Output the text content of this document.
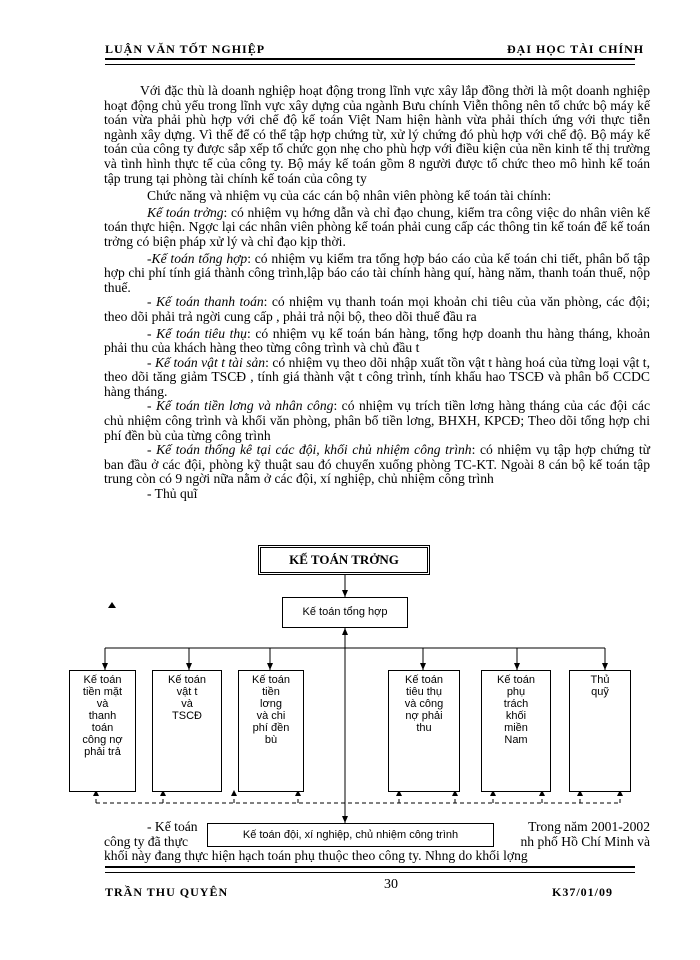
LUẬN VĂN TỐT NGHIỆP	ĐẠI HỌC TÀI CHÍNH

Với đặc thù là doanh nghiệp hoạt động trong lĩnh vực xây lắp đồng thời là một doanh nghiệp hoạt động chủ yếu trong lĩnh vực xây dựng của ngành Bưu chính Viễn thông nên tổ chức bộ máy kế toán vừa phải phù hợp với chế độ kế toán Việt Nam hiện hành vừa phải thích ứng với thực tiễn ngành xây dựng. Vì thế để có thể tập hợp chứng từ, xử lý chứng đó phù hợp với chế độ. Bộ máy kế toán của công ty được sắp xếp tổ chức gọn nhẹ cho phù hợp với điều kiện của nền kinh tế thị trường và tình hình thực tế của công ty. Bộ máy kế toán gồm 8 người được tổ chức theo mô hình kế toán tập trung tại phòng tài chính kế toán của công ty

Chức năng và nhiệm vụ của các cán bộ nhân viên phòng kế toán tài chính:

Kế toán trởng: có nhiệm vụ hớng dẫn và chỉ đạo chung, kiểm tra công việc do nhân viên kế toán thực hiện. Ngợc lại các nhân viên phòng kế toán phải cung cấp các thông tin kế toán để kế toán trởng có biện pháp xử lý và chỉ đạo kịp thời.

-Kế toán tổng hợp: có nhiệm vụ kiểm tra tổng hợp báo cáo của kế toán chi tiết, phân bổ tập hợp chi phí tính giá thành công trình,lập báo cáo tài chính hàng quí, hàng năm, thanh toán thuế, nộp thuế.

- Kế toán thanh toán: có nhiệm vụ thanh toán mọi khoản chi tiêu của văn phòng, các đội; theo dõi phải trả ngời cung cấp , phải trả nội bộ, theo dõi thuế đầu ra

- Kế toán tiêu thụ: có nhiệm vụ kế toán bán hàng, tổng hợp doanh thu hàng tháng, khoản phải thu của khách hàng theo từng công trình và chủ đầu t

- Kế toán vật t tài sản: có nhiệm vụ theo dõi nhập xuất tồn vật t hàng hoá của từng loại vật t, theo dõi tăng giảm TSCĐ , tính giá thành vật t công trình, tính khấu hao TSCĐ và phân bổ CCDC hàng tháng.

- Kế toán tiền lơng và nhân công: có nhiệm vụ trích tiền lơng hàng tháng của các đội các chủ nhiệm công trình và khối văn phòng, phân bổ tiền lơng, BHXH, KPCĐ; Theo dõi tổng hợp chi phí đền bù của từng công trình

- Kế toán thống kê tại các đội, khối chủ nhiệm công trình: có nhiệm vụ tập hợp chứng từ ban đầu ở các đội, phòng kỹ thuật sau đó chuyển xuống phòng TC-KT. Ngoài 8 cán bộ kế toán tập trung còn có 9 ngời nữa nằm ở các đội, xí nghiệp, chủ nhiệm công trình

- Thủ quĩ

KẾ TOÁN TRỞNG
Kế toán tổng hợp
Kế toán
tiền mặt
và
thanh
toán
công nợ
phải trả
Kế toán
vật t
và
TSCĐ
Kế toán
tiền
lơng
và chi
phí đền
bù
Kế toán
tiêu thụ
và công
nợ phải
thu
Kế toán
phụ
trách
khối
miền
Nam
Thủ
quỹ

- Kế toán	Trong năm 2001-2002

công ty đã thực	nh phố Hồ Chí Minh và

khối này đang thực hiện hạch toán phụ thuộc theo công ty. Nhng do khối lợng

Kế toán đội, xí nghiệp, chủ nhiệm công trình
TRẦN THU QUYÊN	30	K37/01/09
